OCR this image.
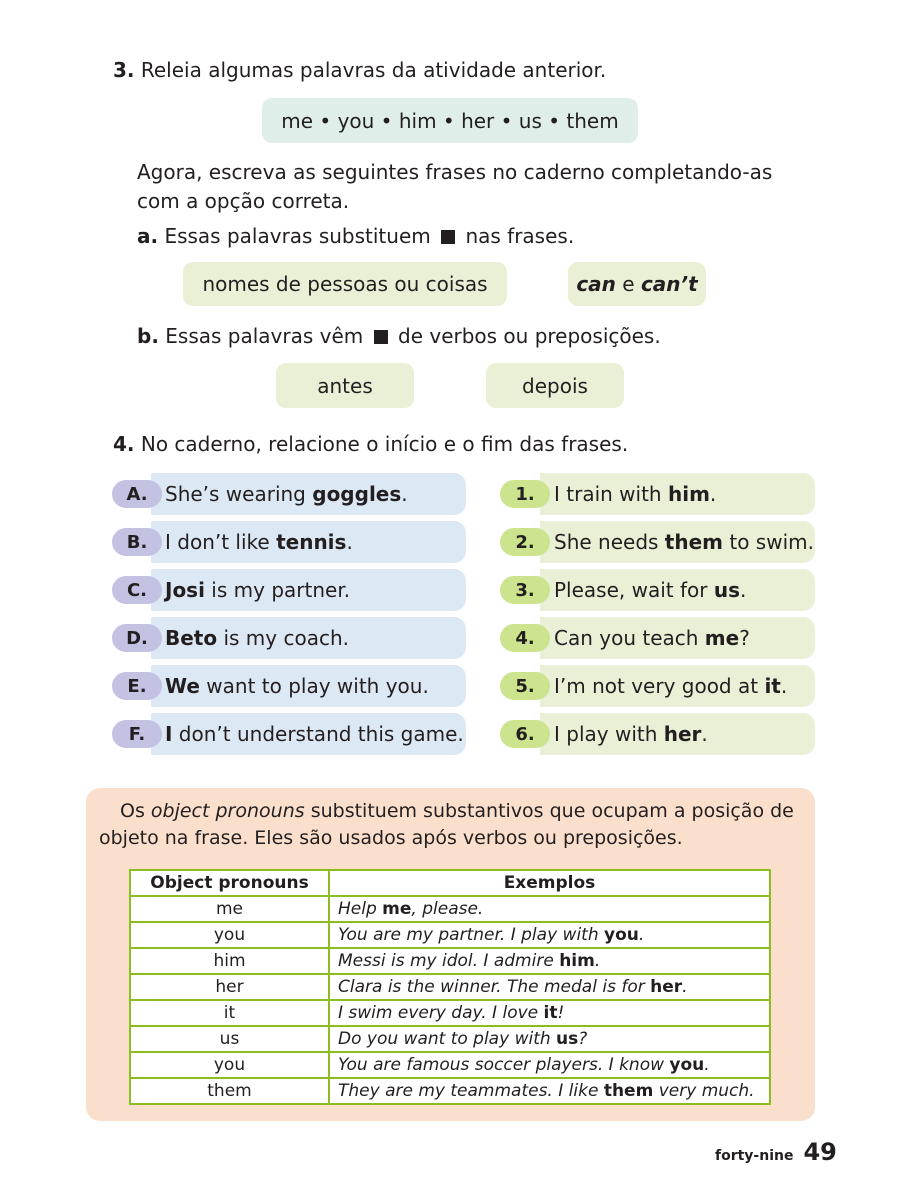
3. Releia algumas palavras da atividade anterior.
me • you • him • her • us • them
Agora, escreva as seguintes frases no caderno completando-as
com a opção correta.
a. Essas palavras substituem nas frases.
nomes de pessoas ou coisas	can e can’t
b. Essas palavras vêm de verbos ou preposições.
antes	depois
4. No caderno, relacione o início e o fim das frases.
She’s wearing goggles .
A.
I don’t like tennis .
B.
Josi is my partner.
C.
Beto is my coach.
D.
We want to play with you.
E.
I don’t understand this game.
F.
I train with him .
1.
She needs them to swim.
2.
Please, wait for us .
3.
Can you teach me ?
4.
I’m not very good at it .
5.
I play with her .
6.
Os object pronouns substituem substantivos que ocupam a posição de
objeto na frase. Eles são usados após verbos ou preposições.
Object pronouns	Exemplos
me	Help me, please.
you	You are my partner. I play with you.
him	Messi is my idol. I admire him.
her	Clara is the winner. The medal is for her.
it	I swim every day. I love it!
us	Do you want to play with us?
you	You are famous soccer players. I know you.
them	They are my teammates. I like them very much.
forty-nine 49
